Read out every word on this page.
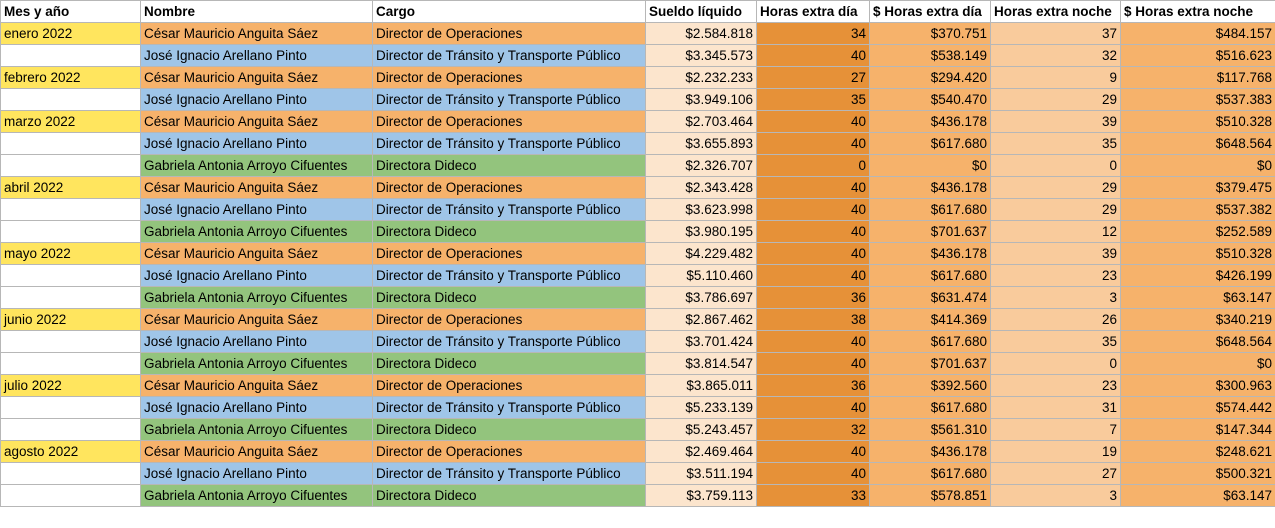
Mes y año	Nombre	Cargo	Sueldo líquido	Horas extra día	$ Horas extra día	Horas extra noche	$ Horas extra noche
enero 2022	César Mauricio Anguita Sáez	Director de Operaciones	$2.584.818	34	$370.751	37	$484.157
	José Ignacio Arellano Pinto	Director de Tránsito y Transporte Público	$3.345.573	40	$538.149	32	$516.623
febrero 2022	César Mauricio Anguita Sáez	Director de Operaciones	$2.232.233	27	$294.420	9	$117.768
	José Ignacio Arellano Pinto	Director de Tránsito y Transporte Público	$3.949.106	35	$540.470	29	$537.383
marzo 2022	César Mauricio Anguita Sáez	Director de Operaciones	$2.703.464	40	$436.178	39	$510.328
	José Ignacio Arellano Pinto	Director de Tránsito y Transporte Público	$3.655.893	40	$617.680	35	$648.564
	Gabriela Antonia Arroyo Cifuentes	Directora Dideco	$2.326.707	0	$0	0	$0
abril 2022	César Mauricio Anguita Sáez	Director de Operaciones	$2.343.428	40	$436.178	29	$379.475
	José Ignacio Arellano Pinto	Director de Tránsito y Transporte Público	$3.623.998	40	$617.680	29	$537.382
	Gabriela Antonia Arroyo Cifuentes	Directora Dideco	$3.980.195	40	$701.637	12	$252.589
mayo 2022	César Mauricio Anguita Sáez	Director de Operaciones	$4.229.482	40	$436.178	39	$510.328
	José Ignacio Arellano Pinto	Director de Tránsito y Transporte Público	$5.110.460	40	$617.680	23	$426.199
	Gabriela Antonia Arroyo Cifuentes	Directora Dideco	$3.786.697	36	$631.474	3	$63.147
junio 2022	César Mauricio Anguita Sáez	Director de Operaciones	$2.867.462	38	$414.369	26	$340.219
	José Ignacio Arellano Pinto	Director de Tránsito y Transporte Público	$3.701.424	40	$617.680	35	$648.564
	Gabriela Antonia Arroyo Cifuentes	Directora Dideco	$3.814.547	40	$701.637	0	$0
julio 2022	César Mauricio Anguita Sáez	Director de Operaciones	$3.865.011	36	$392.560	23	$300.963
	José Ignacio Arellano Pinto	Director de Tránsito y Transporte Público	$5.233.139	40	$617.680	31	$574.442
	Gabriela Antonia Arroyo Cifuentes	Directora Dideco	$5.243.457	32	$561.310	7	$147.344
agosto 2022	César Mauricio Anguita Sáez	Director de Operaciones	$2.469.464	40	$436.178	19	$248.621
	José Ignacio Arellano Pinto	Director de Tránsito y Transporte Público	$3.511.194	40	$617.680	27	$500.321
	Gabriela Antonia Arroyo Cifuentes	Directora Dideco	$3.759.113	33	$578.851	3	$63.147
